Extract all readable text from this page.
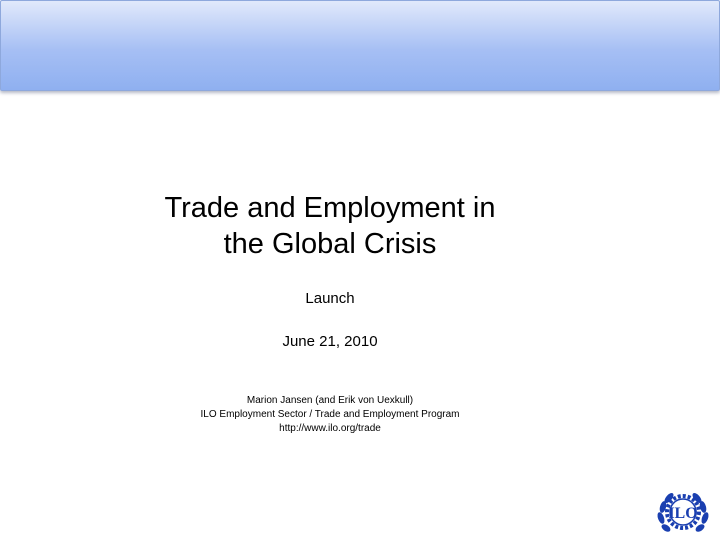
Trade and Employment in
the Global Crisis
Launch
June 21, 2010
Marion Jansen (and Erik von Uexkull)
ILO Employment Sector / Trade and Employment Program
http://www.ilo.org/trade
ILO
